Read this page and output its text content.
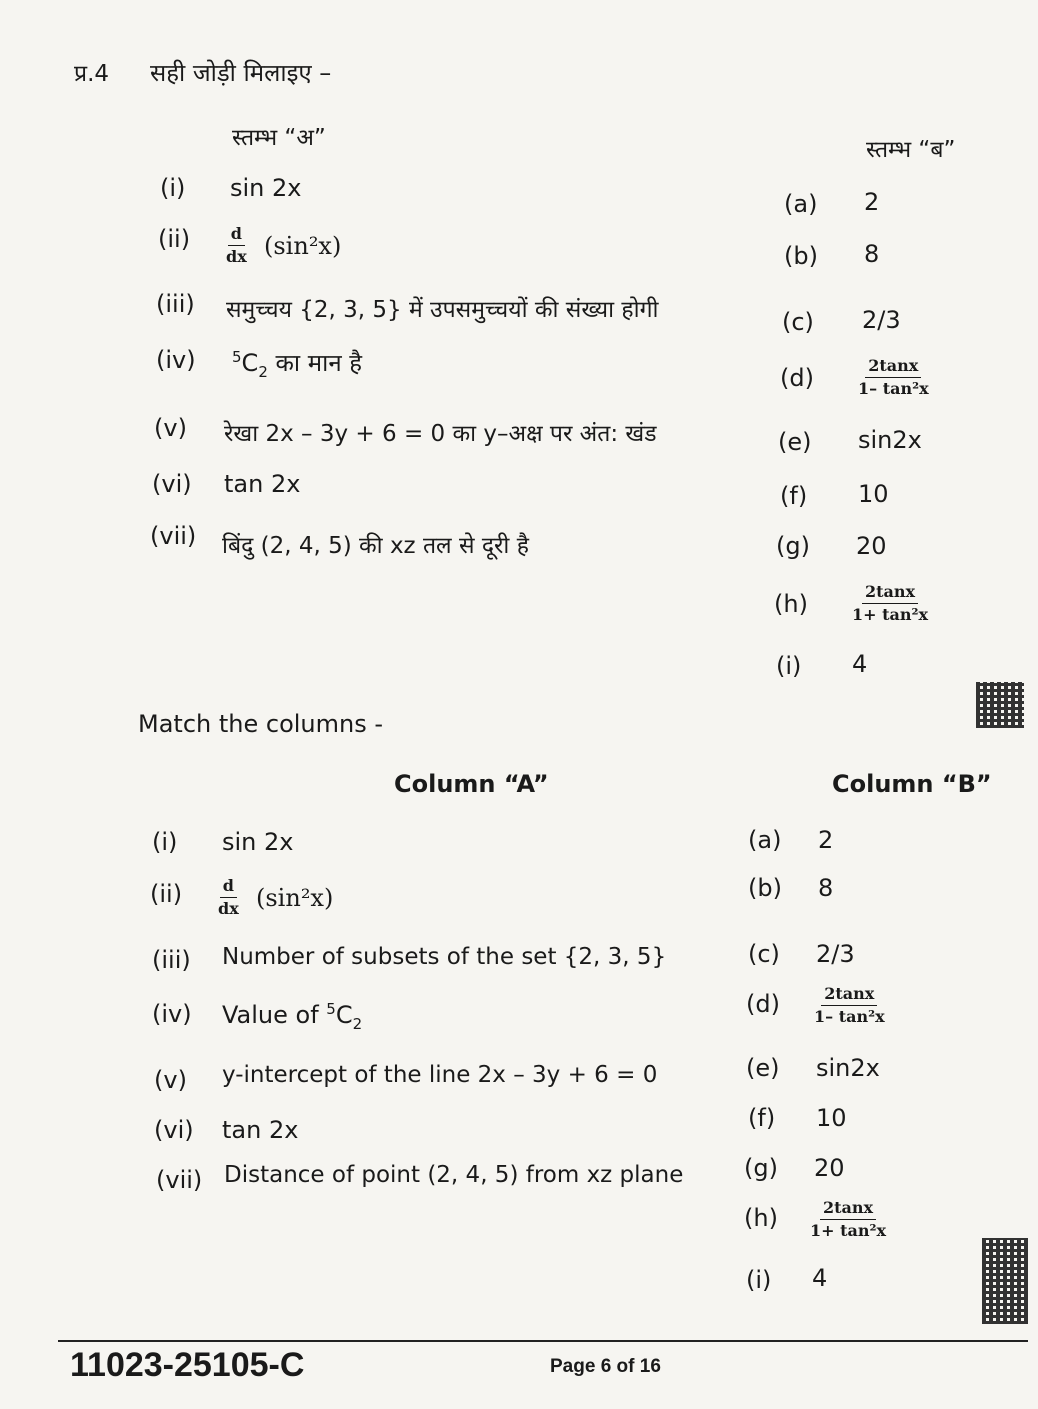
प्र.4 सही जोड़ी मिलाइए –
स्तम्भ “अ”	स्तम्भ “ब”
(i) sin 2x
$(ii) \frac{d}{dx} (\sin^2x)$
(iii) समुच्चय {2, 3, 5} में उपसमुच्चयों की संख्या होगी
(iv) $^5C_2$ का मान है
(v) रेखा 2x – 3y + 6 = 0 का y–अक्ष पर अंत: खंड
(vi) tan 2x
(vii) बिंदु (2, 4, 5) की xz तल से दूरी है
(a) 2
(b) 8
(c) 2/3
(d)	$\frac{2\tan x}{\text{1– tan²x}}$
(e) sin2x
(f) 10
(g) 20
(h)	$\frac{2\tan x}{\text{1+ tan²x}}$
(i) 4
Match the columns -
Column “A”	Column “B”
(i) sin 2x
$(ii) \frac{d}{dx} (\sin^2x)$
(iii) Number of subsets of the set {2, 3, 5}
(iv) Value of $^5C_2$
(v) y-intercept of the line 2x – 3y + 6 = 0
(vi) tan 2x
(vii) Distance of point (2, 4, 5) from xz plane
(a) 2
(b) 8
(c) 2/3
$(d) \frac{2\tan x}{\text{1– tan²x}}$
(e) sin2x
(f) 10
(g) 20
$(h) \frac{2\tan x}{\text{1+ tan²x}}$
(i) 4
11023-25105-C	Page 6 of 16
